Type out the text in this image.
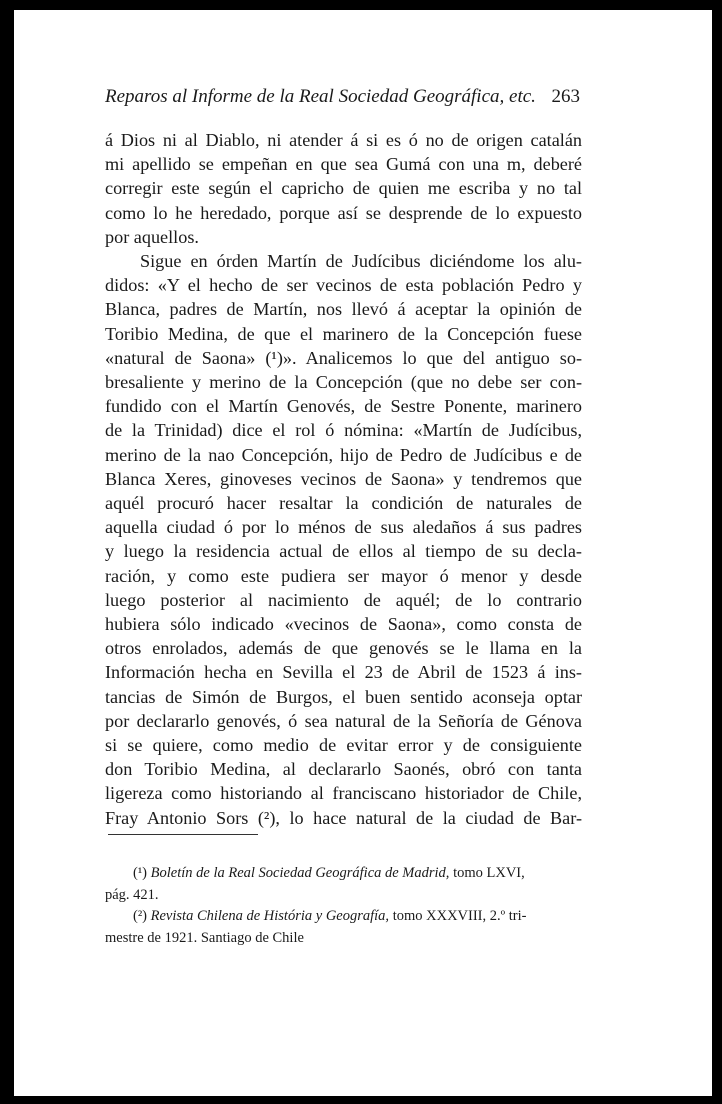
Reparos al Informe de la Real Sociedad Geográfica, etc. 263
á Dios ni al Diablo, ni atender á si es ó no de origen catalán
mi apellido se empeñan en que sea Gumá con una m, deberé
corregir este según el capricho de quien me escriba y no tal
como lo he heredado, porque así se desprende de lo expuesto
por aquellos.
Sigue en órden Martín de Judícibus diciéndome los alu-
didos: «Y el hecho de ser vecinos de esta población Pedro y
Blanca, padres de Martín, nos llevó á aceptar la opinión de
Toribio Medina, de que el marinero de la Concepción fuese
«natural de Saona» (¹)». Analicemos lo que del antiguo so-
bresaliente y merino de la Concepción (que no debe ser con-
fundido con el Martín Genovés, de Sestre Ponente, marinero
de la Trinidad) dice el rol ó nómina: «Martín de Judícibus,
merino de la nao Concepción, hijo de Pedro de Judícibus e de
Blanca Xeres, ginoveses vecinos de Saona» y tendremos que
aquél procuró hacer resaltar la condición de naturales de
aquella ciudad ó por lo ménos de sus aledaños á sus padres
y luego la residencia actual de ellos al tiempo de su decla-
ración, y como este pudiera ser mayor ó menor y desde
luego posterior al nacimiento de aquél; de lo contrario
hubiera sólo indicado «vecinos de Saona», como consta de
otros enrolados, además de que genovés se le llama en la
Información hecha en Sevilla el 23 de Abril de 1523 á ins-
tancias de Simón de Burgos, el buen sentido aconseja optar
por declararlo genovés, ó sea natural de la Señoría de Génova
si se quiere, como medio de evitar error y de consiguiente
don Toribio Medina, al declararlo Saonés, obró con tanta
ligereza como historiando al franciscano historiador de Chile,
Fray Antonio Sors (²), lo hace natural de la ciudad de Bar-
(¹) Boletín de la Real Sociedad Geográfica de Madrid, tomo LXVI,
pág. 421.
(²) Revista Chilena de História y Geografía, tomo XXXVIII, 2.º tri-
mestre de 1921. Santiago de Chile
